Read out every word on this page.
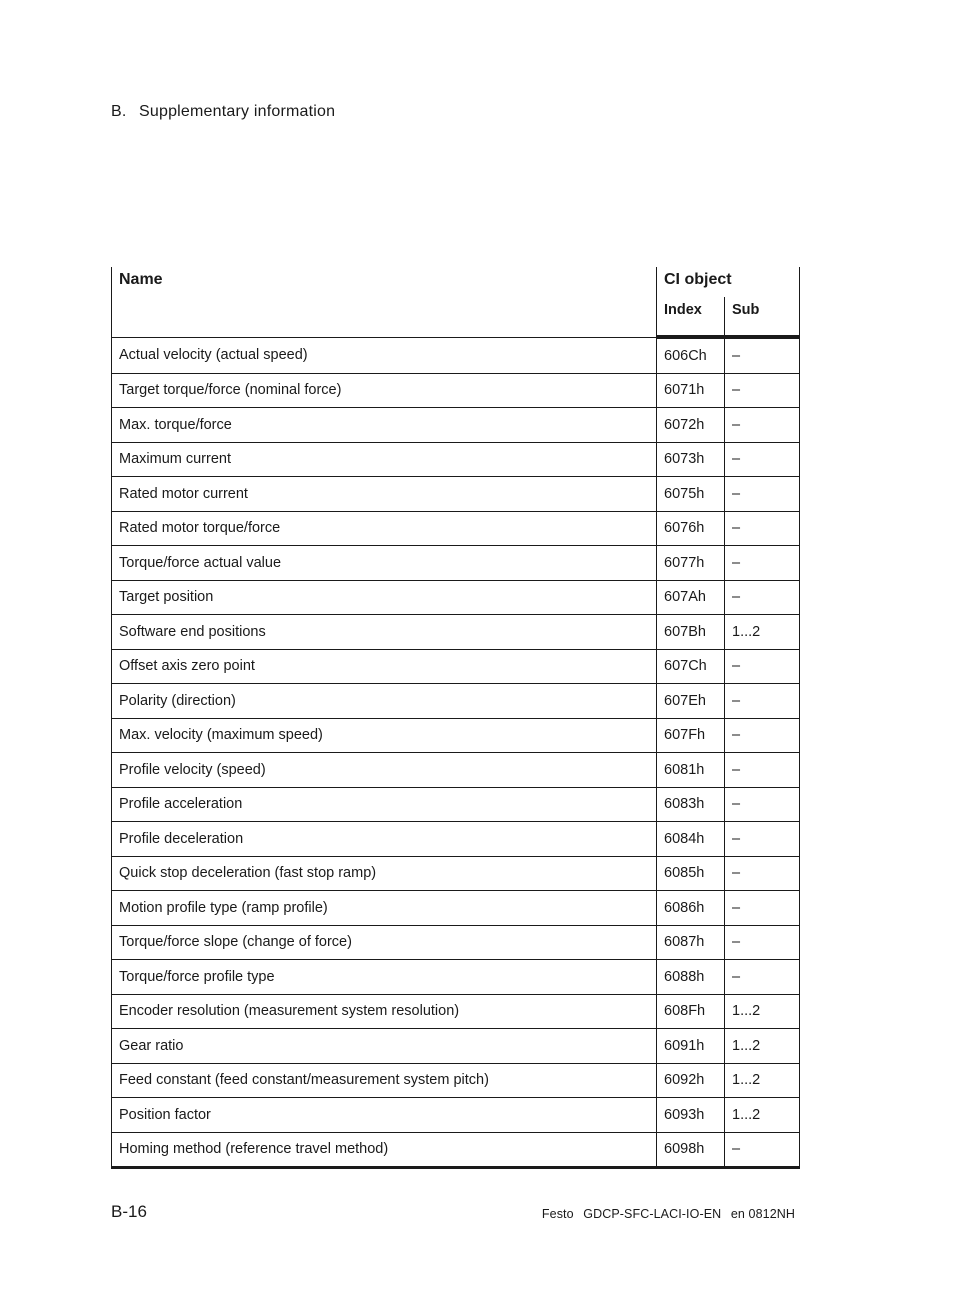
B. Supplementary information
Name	CI object	
	Index	Sub
Actual velocity (actual speed)	606Ch	–
Target torque/force (nominal force)	6071h	–
Max. torque/force	6072h	–
Maximum current	6073h	–
Rated motor current	6075h	–
Rated motor torque/force	6076h	–
Torque/force actual value	6077h	–
Target position	607Ah	–
Software end positions	607Bh	1...2
Offset axis zero point	607Ch	–
Polarity (direction)	607Eh	–
Max. velocity (maximum speed)	607Fh	–
Profile velocity (speed)	6081h	–
Profile acceleration	6083h	–
Profile deceleration	6084h	–
Quick stop deceleration (fast stop ramp)	6085h	–
Motion profile type (ramp profile)	6086h	–
Torque/force slope (change of force)	6087h	–
Torque/force profile type	6088h	–
Encoder resolution (measurement system resolution)	608Fh	1...2
Gear ratio	6091h	1...2
Feed constant (feed constant/measurement system pitch)	6092h	1...2
Position factor	6093h	1...2
Homing method (reference travel method)	6098h	–
B-16	Festo GDCP-SFC-LACI-IO-EN en 0812NH
